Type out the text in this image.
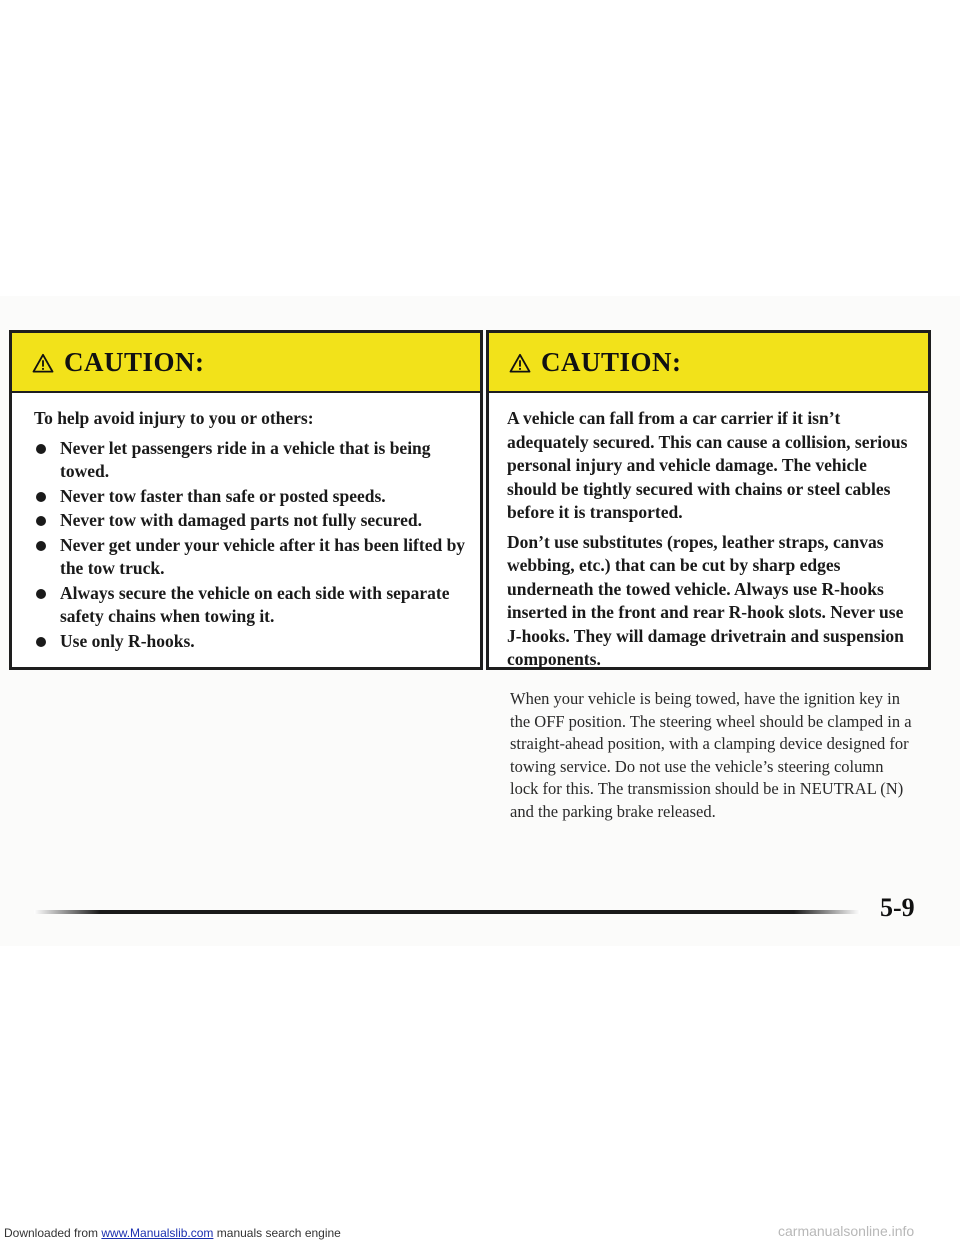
CAUTION:

To help avoid injury to you or others:

Never let passengers ride in a vehicle that is being towed.
Never tow faster than safe or posted speeds.
Never tow with damaged parts not fully secured.
Never get under your vehicle after it has been lifted by the tow truck.
Always secure the vehicle on each side with separate safety chains when towing it.
Use only R-hooks.
CAUTION:

A vehicle can fall from a car carrier if it isn’t adequately secured. This can cause a collision, serious personal injury and vehicle damage. The vehicle should be tightly secured with chains or steel cables before it is transported.

Don’t use substitutes (ropes, leather straps, canvas webbing, etc.) that can be cut by sharp edges underneath the towed vehicle. Always use R-hooks inserted in the front and rear R-hook slots. Never use J-hooks. They will damage drivetrain and suspension components.

When your vehicle is being towed, have the ignition key in the OFF position. The steering wheel should be clamped in a straight-ahead position, with a clamping device designed for towing service. Do not use the vehicle’s steering column lock for this. The transmission should be in NEUTRAL (N) and the parking brake released.
5-9
Downloaded from www.Manualslib.com manuals search engine	carmanualsonline.info
